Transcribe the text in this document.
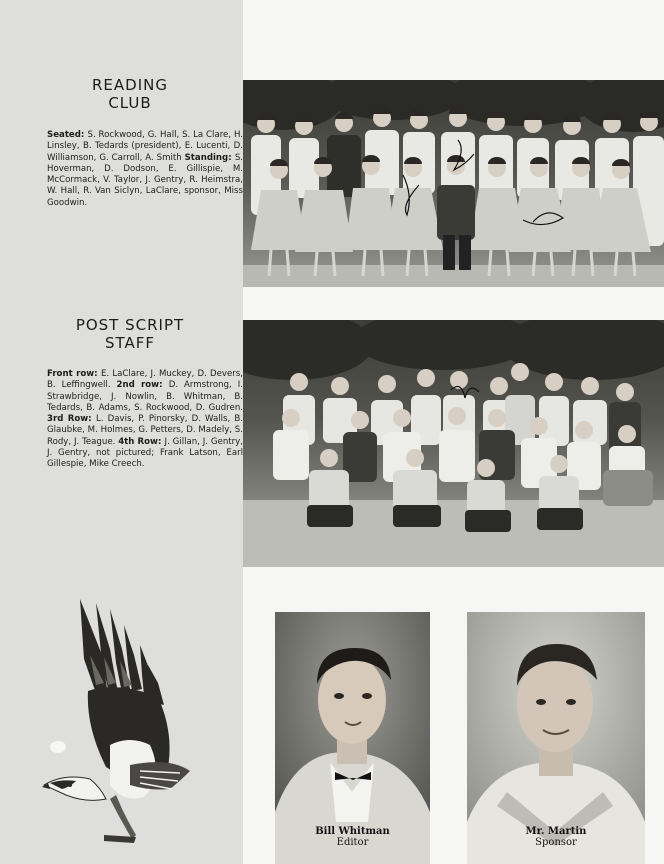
READING
CLUB
Seated: S. Rockwood, G. Hall, S. La Clare, H. Linsley, B. Tedards (president), E. Lucenti, D. Williamson, G. Carroll, A. Smith Standing: S. Hoverman, D. Dodson, E. Gillispie, M. McCormack, V. Taylor, J. Gentry, R. Heimstra, W. Hall, R. Van Siclyn, LaClare, sponsor, Miss Goodwin.
POST SCRIPT
STAFF
Front row: E. LaClare, J. Muckey, D. Devers, B. Leffingwell. 2nd row: D. Armstrong, I. Strawbridge, J. Nowlin, B. Whitman, B. Tedards, B. Adams, S. Rockwood, D. Gudren. 3rd Row: L. Davis, P. Pinorsky, D. Walls, B. Glaubke, M. Holmes, G. Petters, D. Madely, S. Rody, J. Teague. 4th Row: J. Gillan, J. Gentry, J. Gentry, not pictured; Frank Latson, Earl Gillespie, Mike Creech.
Bill Whitman
Editor
Mr. Martin
Sponsor
